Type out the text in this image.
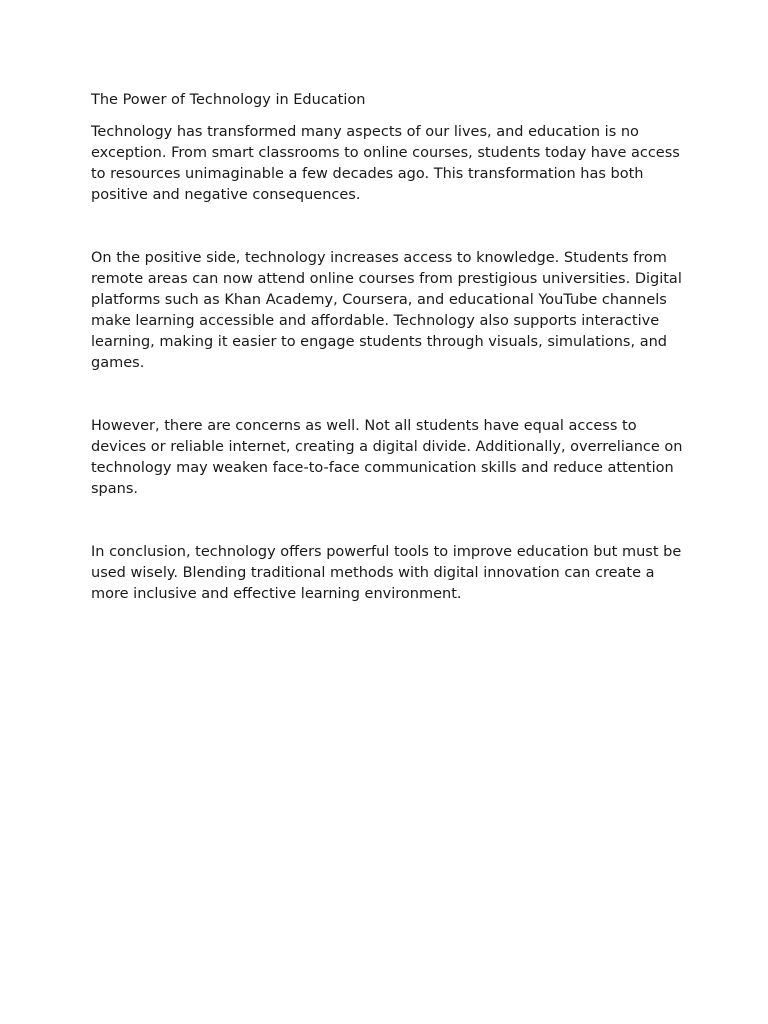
The Power of Technology in Education

Technology has transformed many aspects of our lives, and education is no exception. From smart classrooms to online courses, students today have access to resources unimaginable a few decades ago. This transformation has both positive and negative consequences.

On the positive side, technology increases access to knowledge. Students from remote areas can now attend online courses from prestigious universities. Digital platforms such as Khan Academy, Coursera, and educational YouTube channels make learning accessible and affordable. Technology also supports interactive learning, making it easier to engage students through visuals, simulations, and games.

However, there are concerns as well. Not all students have equal access to devices or reliable internet, creating a digital divide. Additionally, overreliance on technology may weaken face-to-face communication skills and reduce attention spans.

In conclusion, technology offers powerful tools to improve education but must be used wisely. Blending traditional methods with digital innovation can create a more inclusive and effective learning environment.
